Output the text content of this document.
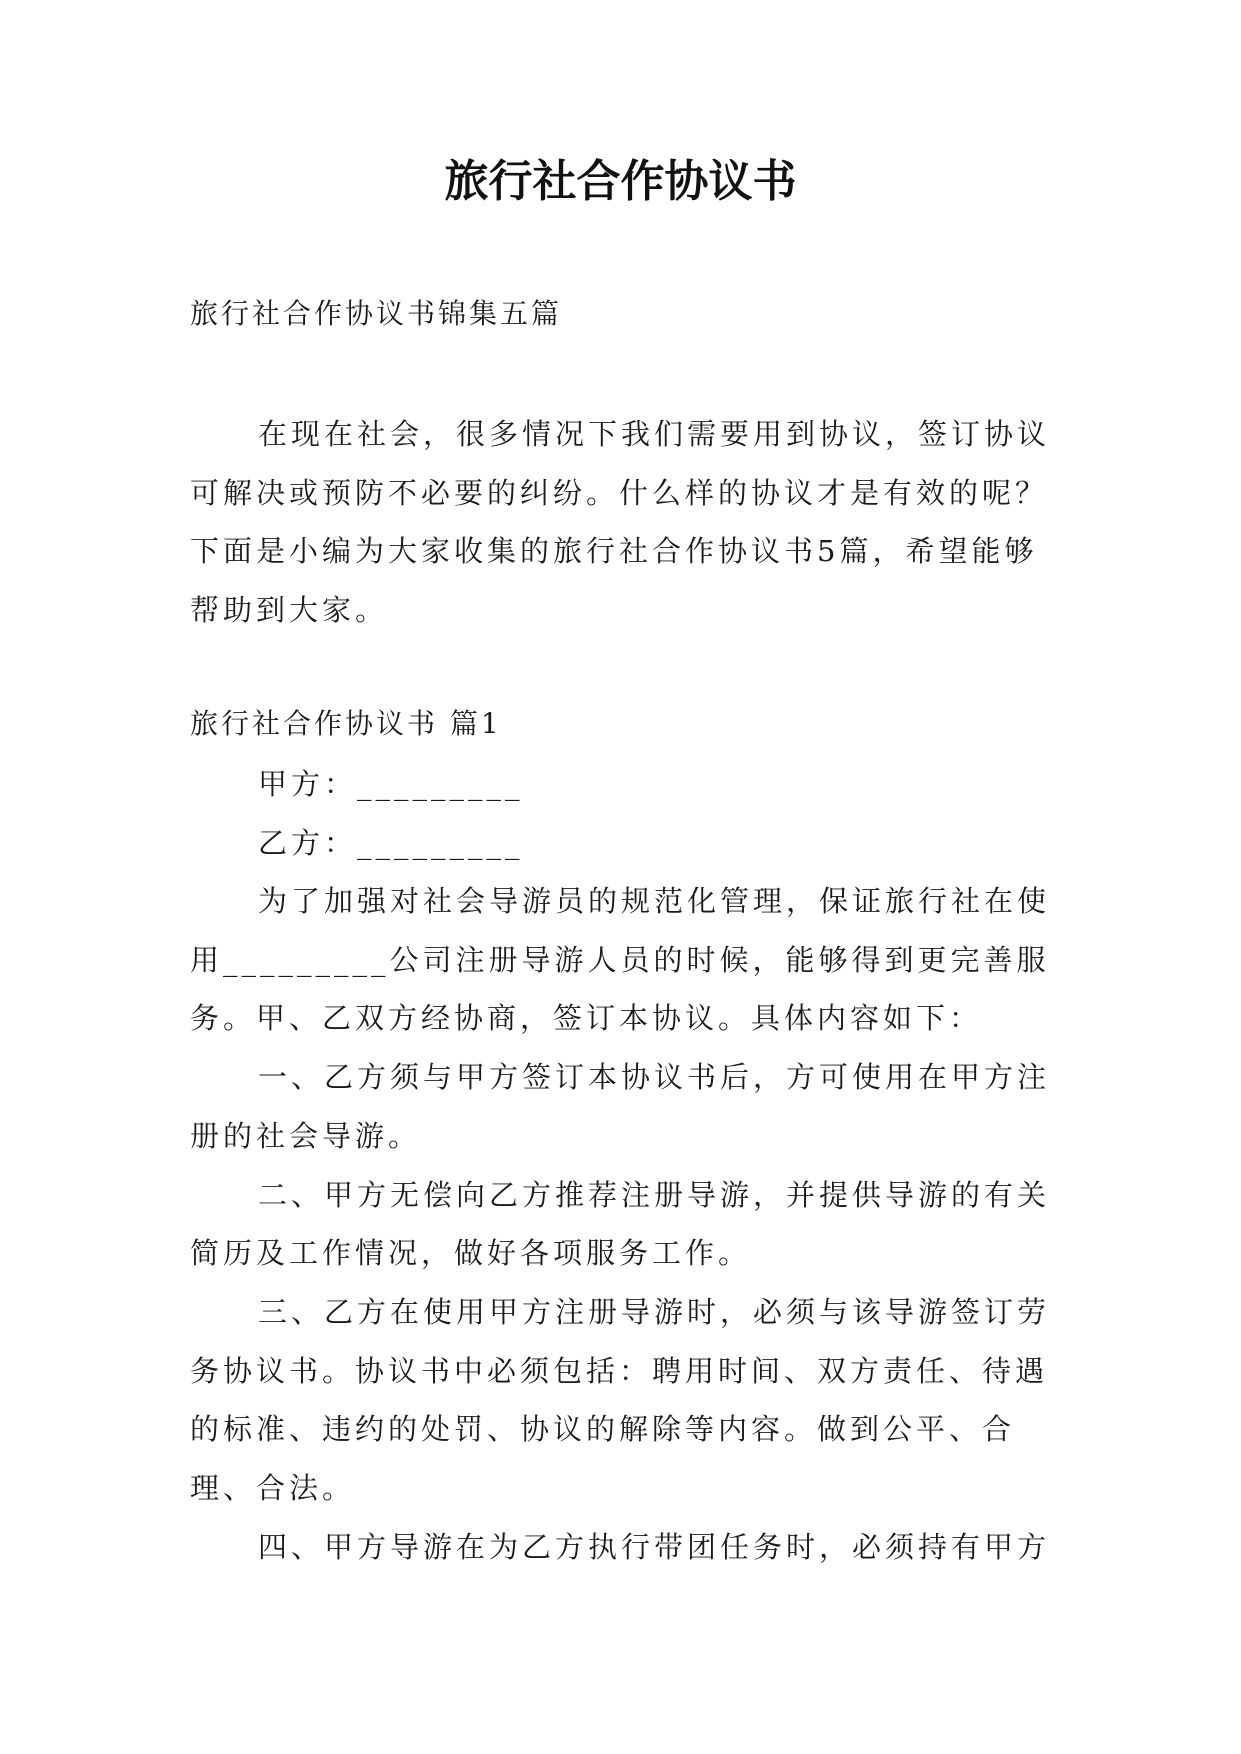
旅行社合作协议书

旅行社合作协议书锦集五篇

在现在社会，很多情况下我们需要用到协议，签订协议可解决或预防不必要的纠纷。什么样的协议才是有效的呢？下面是小编为大家收集的旅行社合作协议书5篇，希望能够帮助到大家。

旅行社合作协议书 篇1

甲方：_________

乙方：_________

为了加强对社会导游员的规范化管理，保证旅行社在使用_________公司注册导游人员的时候，能够得到更完善服务。甲、乙双方经协商，签订本协议。具体内容如下：

一、乙方须与甲方签订本协议书后，方可使用在甲方注册的社会导游。

二、甲方无偿向乙方推荐注册导游，并提供导游的有关简历及工作情况，做好各项服务工作。

三、乙方在使用甲方注册导游时，必须与该导游签订劳务协议书。协议书中必须包括：聘用时间、双方责任、待遇的标准、违约的处罚、协议的解除等内容。做到公平、合理、合法。

四、甲方导游在为乙方执行带团任务时，必须持有甲方
